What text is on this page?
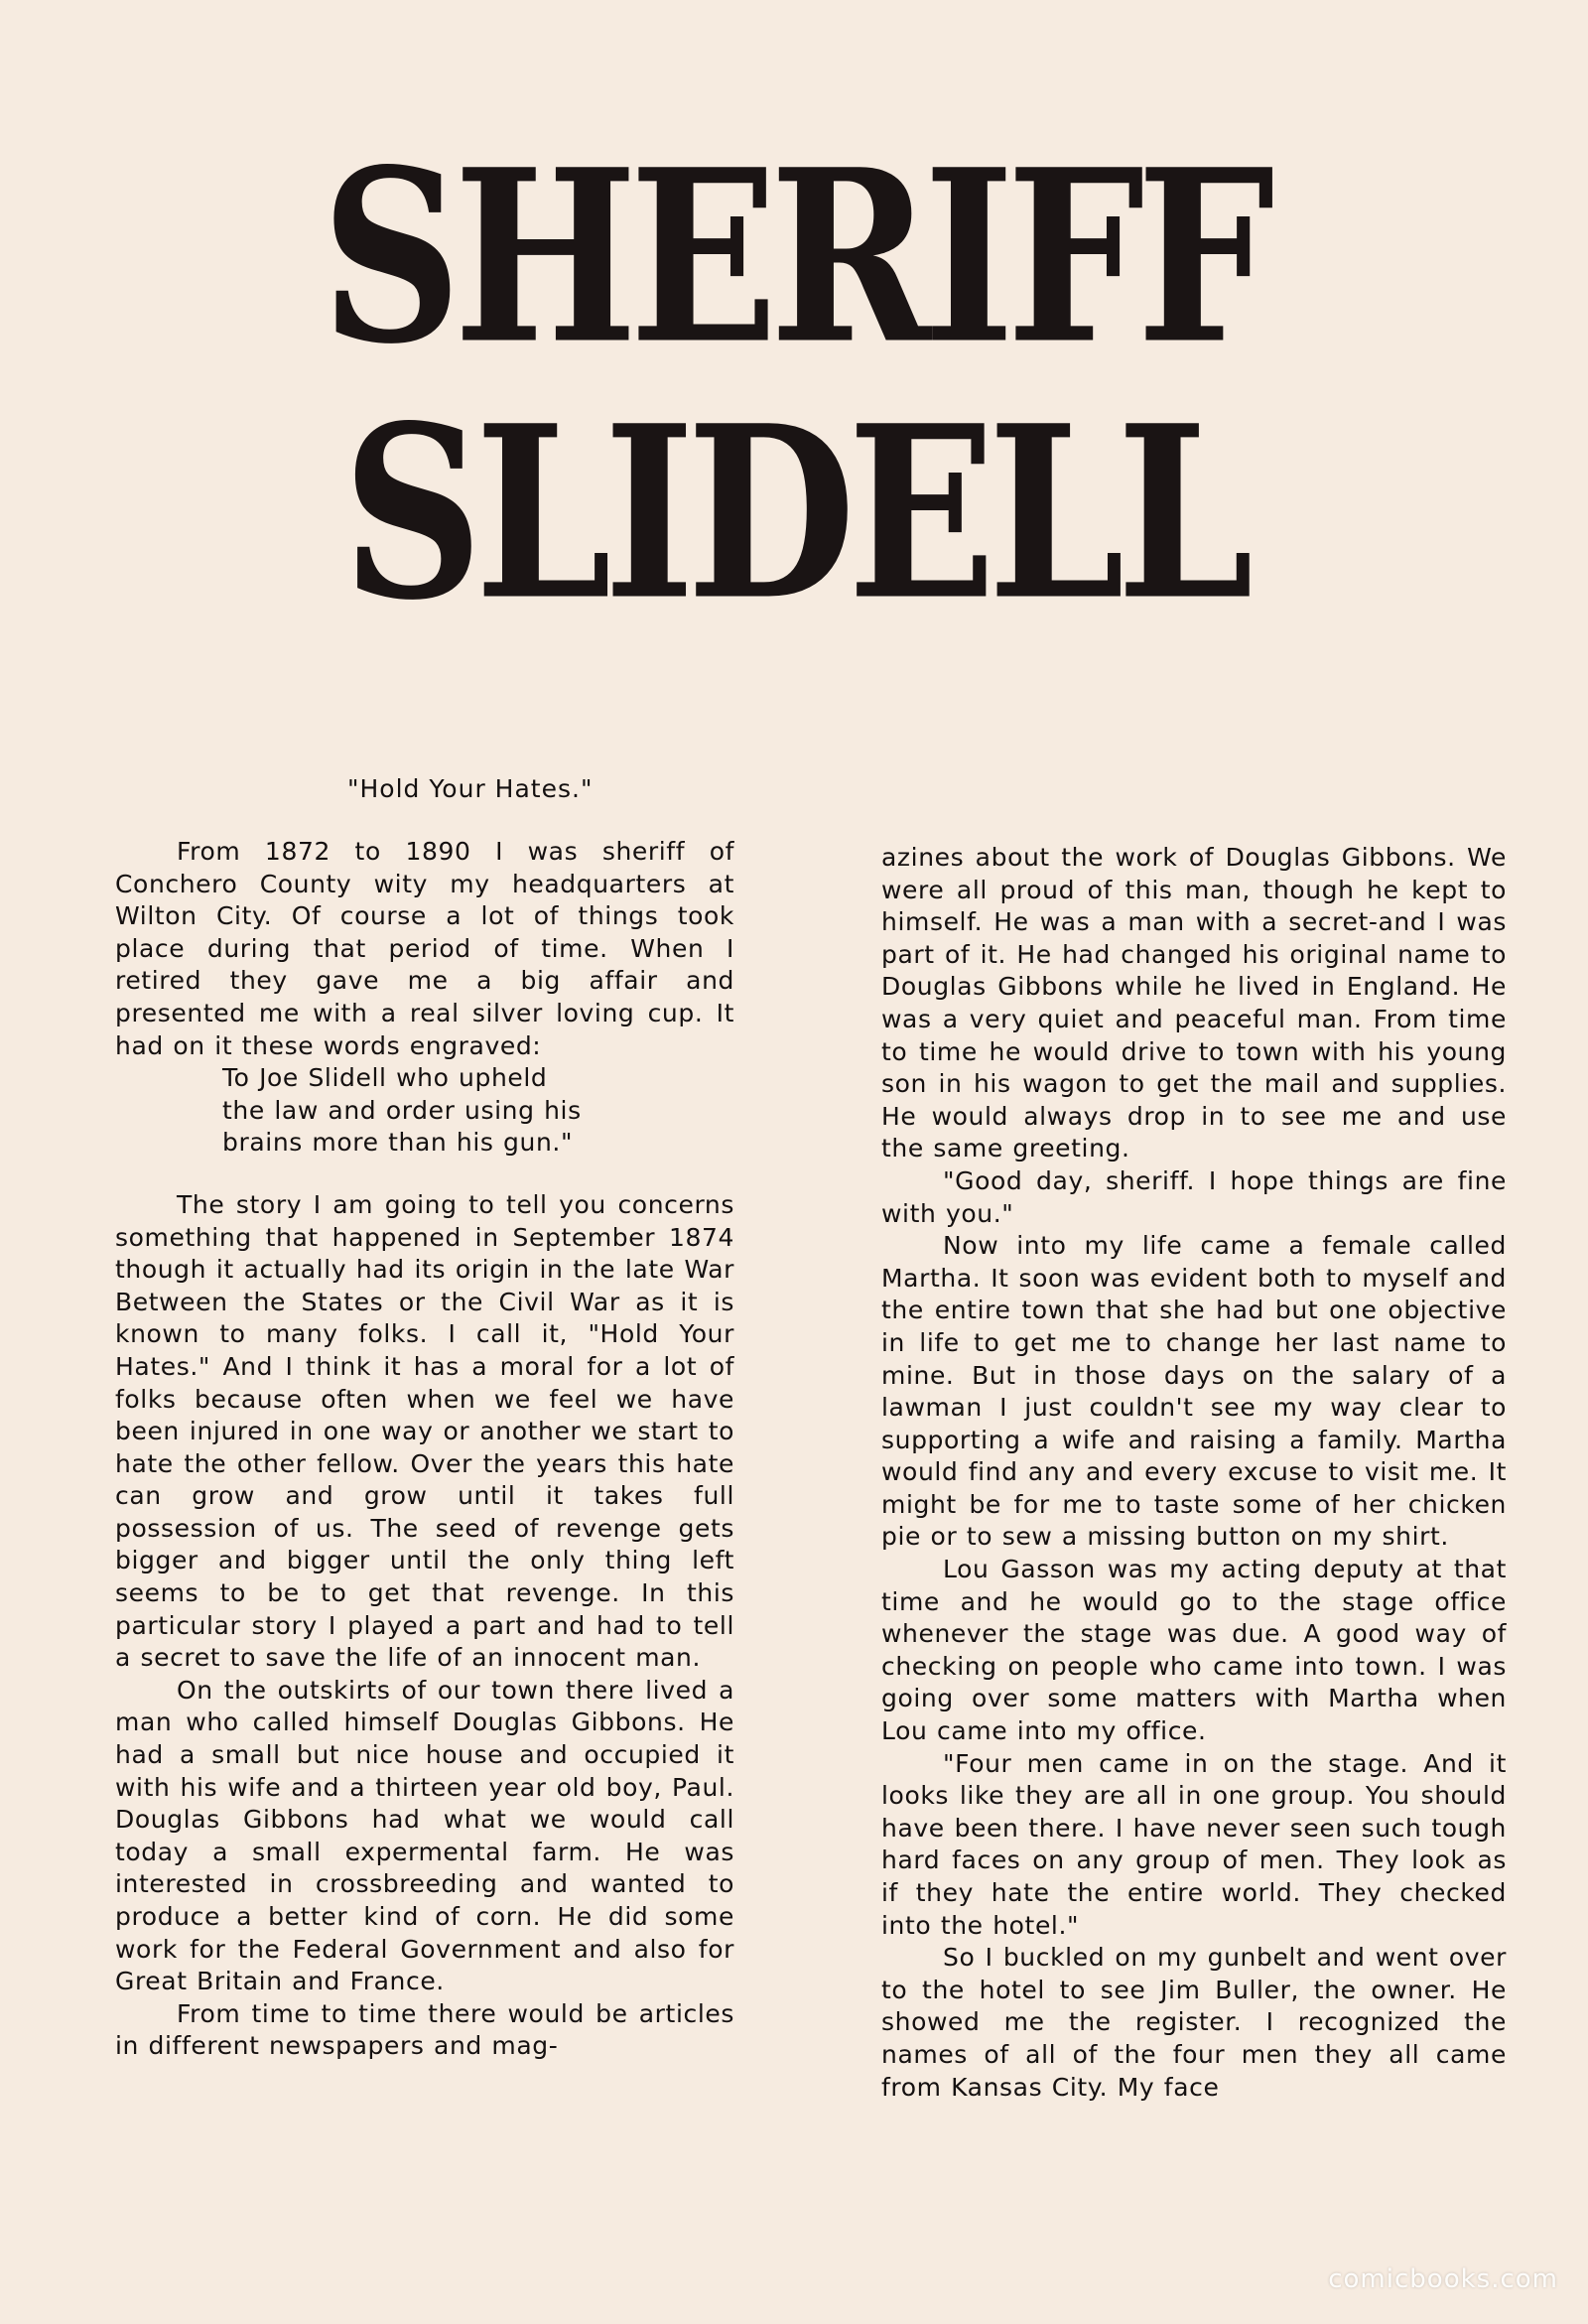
SHERIFF
SLIDELL
"Hold Your Hates."

From 1872 to 1890 I was sheriff of Conchero County wity my headquarters at Wilton City. Of course a lot of things took place during that period of time. When I retired they gave me a big affair and presented me with a real silver loving cup. It had on it these words engraved:

To Joe Slidell who upheld
the law and order using his
brains more than his gun."

The story I am going to tell you concerns something that happened in September 1874 though it actually had its origin in the late War Between the States or the Civil War as it is known to many folks. I call it, "Hold Your Hates." And I think it has a moral for a lot of folks because often when we feel we have been injured in one way or another we start to hate the other fellow. Over the years this hate can grow and grow until it takes full possession of us. The seed of revenge gets bigger and bigger until the only thing left seems to be to get that revenge. In this particular story I played a part and had to tell a secret to save the life of an innocent man.

On the outskirts of our town there lived a man who called himself Douglas Gibbons. He had a small but nice house and occupied it with his wife and a thirteen year old boy, Paul. Douglas Gibbons had what we would call today a small expermental farm. He was interested in crossbreeding and wanted to produce a better kind of corn. He did some work for the Federal Government and also for Great Britain and France.

From time to time there would be articles in different newspapers and mag-

azines about the work of Douglas Gibbons. We were all proud of this man, though he kept to himself. He was a man with a secret-and I was part of it. He had changed his original name to Douglas Gibbons while he lived in England. He was a very quiet and peaceful man. From time to time he would drive to town with his young son in his wagon to get the mail and supplies. He would always drop in to see me and use the same greeting.

"Good day, sheriff. I hope things are fine with you."

Now into my life came a female called Martha. It soon was evident both to myself and the entire town that she had but one objective in life to get me to change her last name to mine. But in those days on the salary of a lawman I just couldn't see my way clear to supporting a wife and raising a family. Martha would find any and every excuse to visit me. It might be for me to taste some of her chicken pie or to sew a missing button on my shirt.

Lou Gasson was my acting deputy at that time and he would go to the stage office whenever the stage was due. A good way of checking on people who came into town. I was going over some matters with Martha when Lou came into my office.

"Four men came in on the stage. And it looks like they are all in one group. You should have been there. I have never seen such tough hard faces on any group of men. They look as if they hate the entire world. They checked into the hotel."

So I buckled on my gunbelt and went over to the hotel to see Jim Buller, the owner. He showed me the register. I recognized the names of all of the four men they all came from Kansas City. My face

comicbooks.com
